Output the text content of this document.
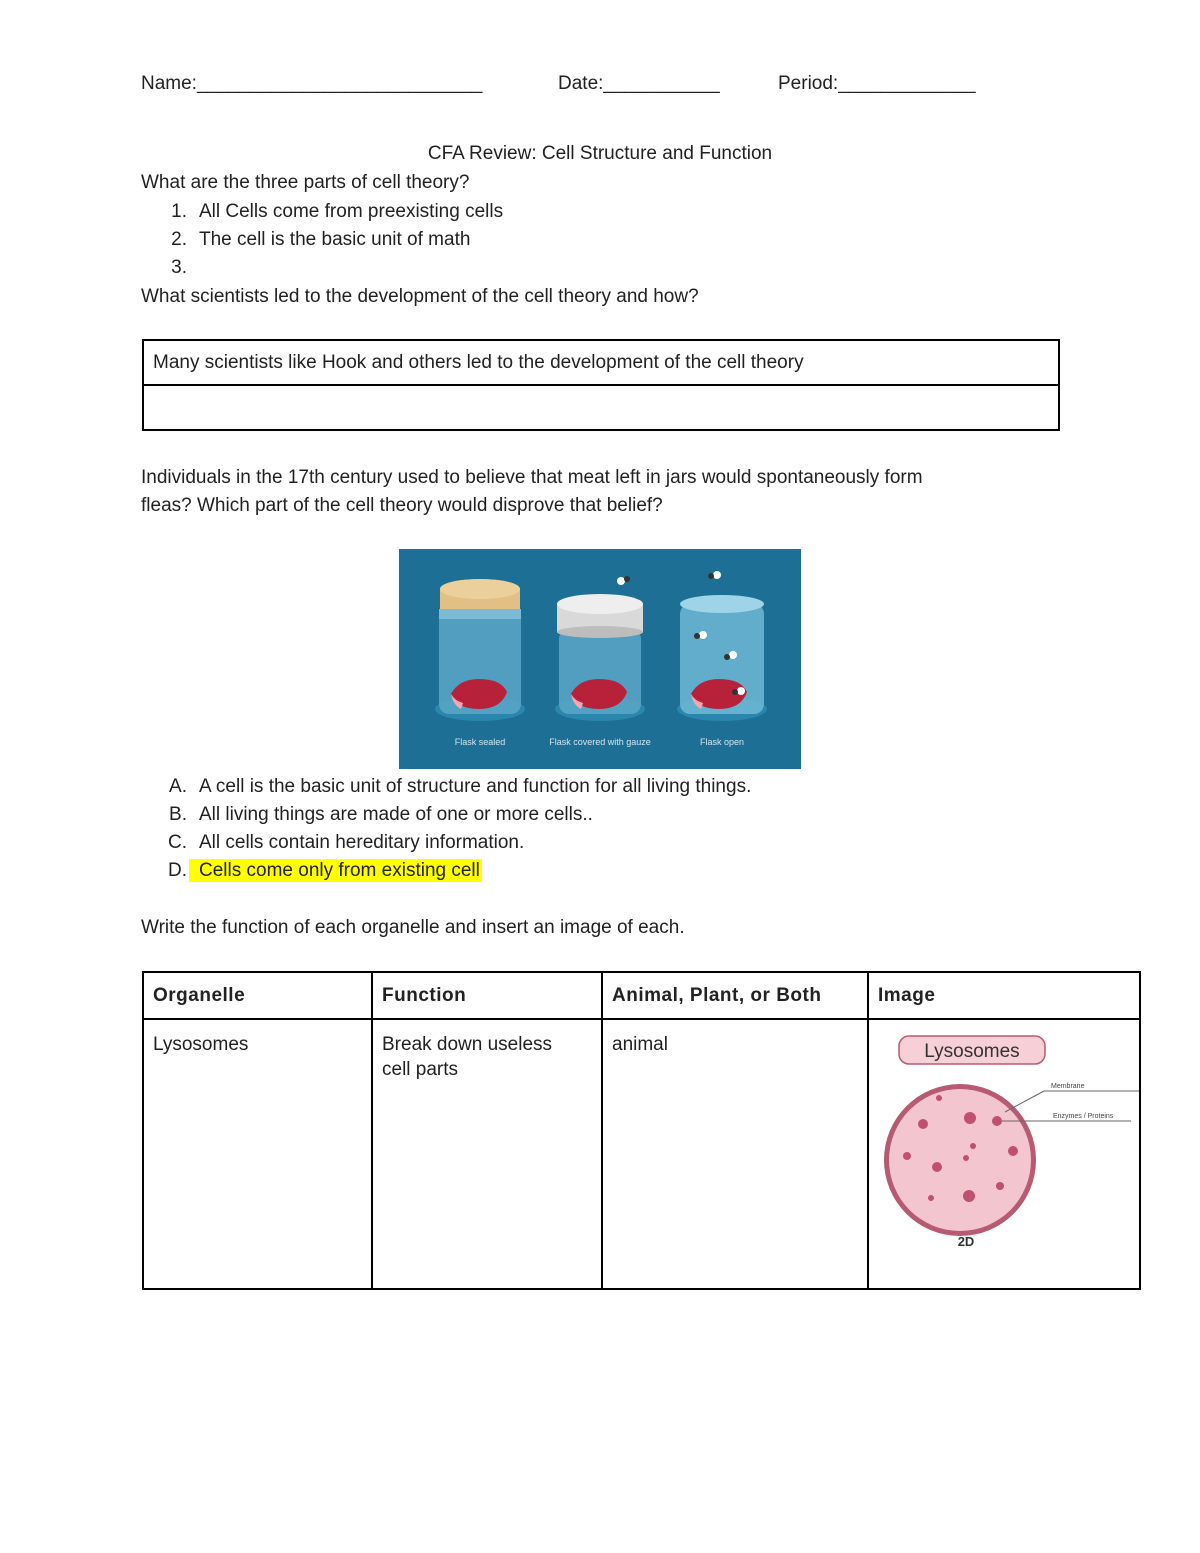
Name:___________________________	Date:___________	Period:_____________
CFA Review: Cell Structure and Function
What are the three parts of cell theory?
1. All Cells come from preexisting cells
2. The cell is the basic unit of math
3.
What scientists led to the development of the cell theory and how?
Many scientists like Hook and others led to the development of the cell theory

Individuals in the 17th century used to believe that meat left in jars would spontaneously form
fleas? Which part of the cell theory would disprove that belief?
Flask sealed	Flask covered with gauze	Flask open
A. A cell is the basic unit of structure and function for all living things.
B. All living things are made of one or more cells..
C. All cells contain hereditary information.
D. Cells come only from existing cell
Write the function of each organelle and insert an image of each.
Organelle	Function	Animal, Plant, or Both	Image
Lysosomes	Break down useless cell parts	animal	Lysosomes
Membrane
Enzymes / Proteins
2D
